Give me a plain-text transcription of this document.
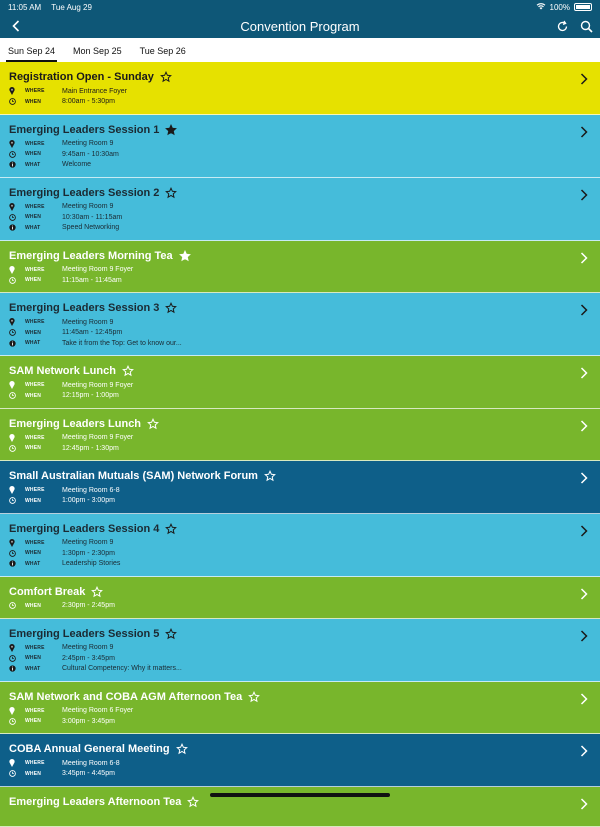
11:05 AM Tue Aug 29	100%
Convention Program
Sun Sep 24 Mon Sep 25 Tue Sep 26
Registration Open - Sunday
WHERE	Main Entrance Foyer
WHEN	8:00am - 5:30pm
Emerging Leaders Session 1
WHERE	Meeting Room 9
WHEN	9:45am - 10:30am
WHAT	Welcome
Emerging Leaders Session 2
WHERE	Meeting Room 9
WHEN	10:30am - 11:15am
WHAT	Speed Networking
Emerging Leaders Morning Tea
WHERE	Meeting Room 9 Foyer
WHEN	11:15am - 11:45am
Emerging Leaders Session 3
WHERE	Meeting Room 9
WHEN	11:45am - 12:45pm
WHAT	Take it from the Top: Get to know our...
SAM Network Lunch
WHERE	Meeting Room 9 Foyer
WHEN	12:15pm - 1:00pm
Emerging Leaders Lunch
WHERE	Meeting Room 9 Foyer
WHEN	12:45pm - 1:30pm
Small Australian Mutuals (SAM) Network Forum
WHERE	Meeting Room 6-8
WHEN	1:00pm - 3:00pm
Emerging Leaders Session 4
WHERE	Meeting Room 9
WHEN	1:30pm - 2:30pm
WHAT	Leadership Stories
Comfort Break
WHEN	2:30pm - 2:45pm
Emerging Leaders Session 5
WHERE	Meeting Room 9
WHEN	2:45pm - 3:45pm
WHAT	Cultural Competency: Why it matters...
SAM Network and COBA AGM Afternoon Tea
WHERE	Meeting Room 6 Foyer
WHEN	3:00pm - 3:45pm
COBA Annual General Meeting
WHERE	Meeting Room 6-8
WHEN	3:45pm - 4:45pm
Emerging Leaders Afternoon Tea
